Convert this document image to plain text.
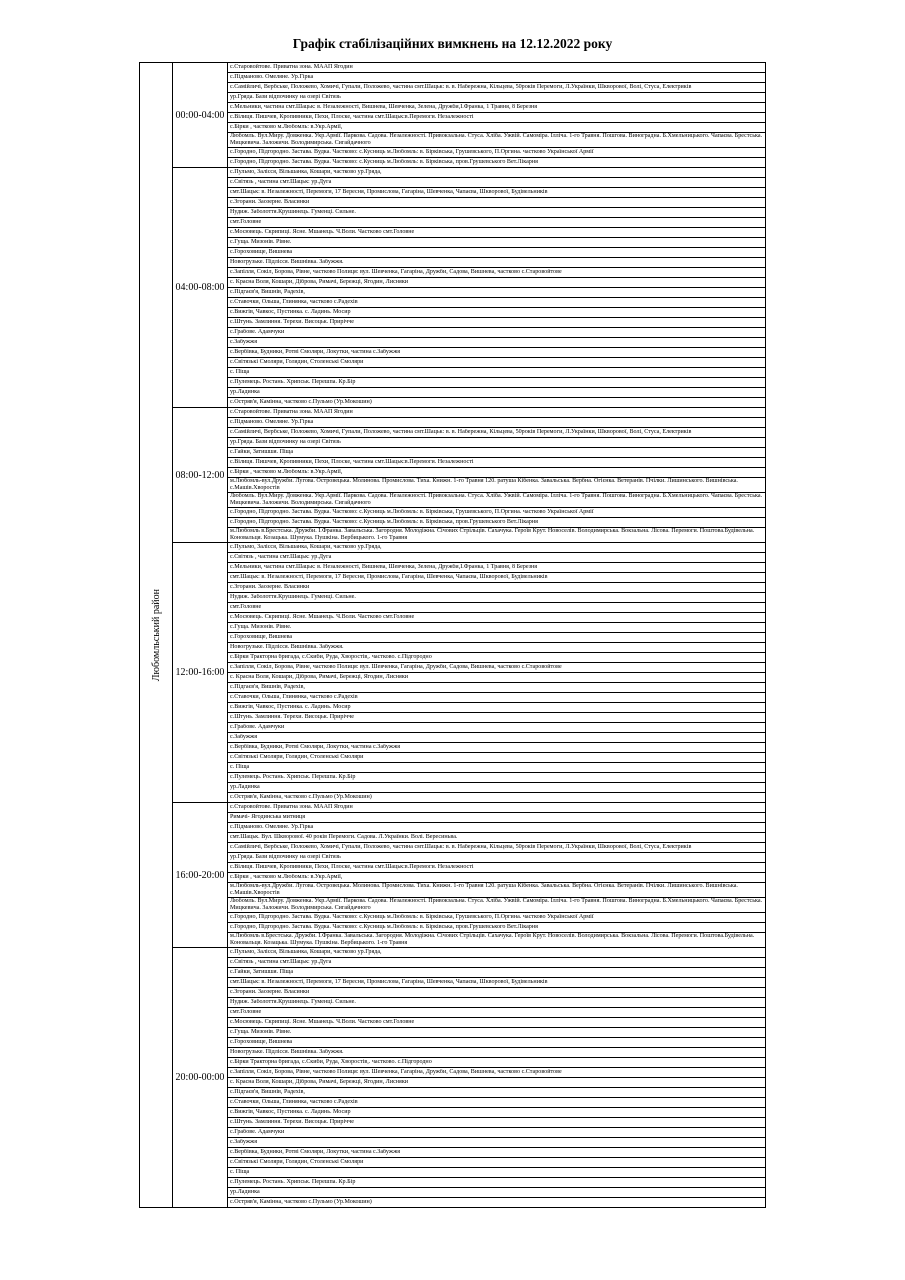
Графік стабілізаційних вимкнень на 12.12.2022 року
Любомльський район	00:00-04:00	с.Старовойтове. Приватна зона. МААП Ягодин

		с.Підманово. Омеляне. Ур.Гірка

		с.Самійличі, Вербське, Положево, Хомичі, Гупали, Положево, частина смт.Шацьк: в. в. Набережна, Кільцева, 50років Перемоги, Л.Українки, Шкворової, Волі, Стуса, Електриків

		ур.Гряда. Бази відпочинку на озері Світязь

		с.Мельники, частина смт.Шацьк: в. Незалежності, Вишнева, Шевченка, Зелена, Дружби,І.Франка, 1 Травня, 8 Березня

		с.Вілиця. Пишчев, Кропивники, Пехи, Плоске, частина смт.Шацьк:в.Перемоги. Незалежності

		с.Бірки , частково м.Любомль: в.Укр.Армії,

		Любомль. Вул.Миру. Довженка. Укр.Армії. Паркова. Садова. Незалежності. Привокзальна. Стуса. Хліба. Ужвій. Самоміра. Ілліча. 1-го Травня. Пошгова. Виноградна. Б.Хмельницького. Чапаєва. Брестська. Мицкевича. Заложичи. Володимирська. Сигайдачного

		с.Городно, Підгородно. Застава. Вудка. Частково: с.Кусниць м.Любомль: в. Бірківська, Грушевського, П.Оргина. частково Української Армії

		с.Городно, Підгородно. Застава. Вудка. Частково: с.Кусниць м.Любомль: в. Бірківська, пров.Грушевського Вет.Лікарня

	04:00-08:00	с.Пульмо, Залісся, Вільшанка, Кошари, частково ур.Гряда,

		с.Світязь , частина смт.Шацьк: ур.Дуга

		смт.Шацьк: в. Незалежності, Перемоги, 17 Вересня, Промислова, Гагаріна, Шевченка, Чапаєва, Шкворової, Будівельників

		с.Згорани. Заозерне. Власинки

		Нудиж. Заболоття.Крушинець. Гуменці. Сильне.

		смт.Головне

		с.Мосювець. Скрипиці. Ясне. Мшанець. Ч.Воли. Частково смт.Головне

		с.Гуща. Мизонів. Рівне.

		с.Гороховище, Вишнева

		Новогрузьке. Підлісся. Вишнівка. Забужжя.

		с.Запілля, Сокіл, Борова, Рівне, частково Полиця: вул. Шевченка, Гагаріна, Дружби, Садова, Вишнева, частково с.Старовойтове

		с. Красна Воля, Кошари, Діброва, Римачі, Бережці, Ягодин, Лисняки

		с.Підгаєв'я, Вишнів, Радехів,

		с.Ставочки, Ольша, Глинянка, частково с.Радехів

		с.Вижгів, Чавкос, Пустинка. с. Ладинь. Мосир

		с.Штунь. Замлиння. Терехи. Висоцьк. Прирічче

		с.Грабове. Адамчуки

		с.Забужжя

		с.Вербівка, Будники, Ротві Смоляри, Локутки, частина с.Забужжя

		с.Світязькі Смоляри, Голядин, Столенські Смоляри

		с. Піща

		с.Пулемець. Ростань. Хрипськ. Перешпа. Кр.Бір

		ур.Ладинка

		с.Остряв'я, Камінна, частково с.Пульмо (Ур.Мокошин)

	08:00-12:00	с.Старовойтове. Приватна зона. МААП Ягодин

		с.Підманово. Омеляне. Ур.Гірка

		с.Самійличі, Вербське, Положево, Хомичі, Гупали, Положево, частина смт.Шацьк: в. в. Набережна, Кільцева, 50років Перемоги, Л.Українки, Шкворової, Волі, Стуса, Електриків

		ур.Гряда. Бази відпочинку на озері Світязь

		с.Гайки, Затишшя. Піща

		с.Вілиця. Пишчев, Кропивники, Пехи, Плоске, частина смт.Шацьк:в.Перемоги. Незалежності

		с.Бірки , частково м.Любомль: в.Укр.Армії,

		м.Любомль-вул.Дружби. Лугова. Островецька. Молинова. Промислова. Тиха. Книжн. 1-го Травня 120. ратуша Кібенка. Завальська. Вербна. Огієнка. Ветеранів. Пчілки. Лишинського. Вишнівська. с.Машів.Хворостів

		Любомль. Вул.Миру. Довженка. Укр.Армії. Паркова. Садова. Незалежності. Привокзальна. Стуса. Хліба. Ужвій. Самоміра. Ілліча. 1-го Травня. Пошгова. Виноградна. Б.Хмельницького. Чапаєва. Брестська. Мицкевича. Заложичи. Володимирська. Сигайдачного

		с.Городно, Підгородно. Застава. Вудка. Частково: с.Кусниць м.Любомль: в. Бірківська, Грушевського, П.Оргина. частково Української Армії

		с.Городно, Підгородно. Застава. Вудка. Частково: с.Кусниць м.Любомль: в. Бірківська, пров.Грушевського Вет.Лікарня

		м.Любомль в.Брестська. Дружби. І.Франка. Завальська. Загородня. Молодіжна. Січових Стрільців. Сахачука. Героїв Крут. Новоселів. Володимирська. Вокзальна. Лісова. Перемоги. Поштова.Будівельна. Коновальця. Козацька. Шумука. Пушкіна. Вербицького. 1-го Травня

	12:00-16:00	с.Пульмо, Залісся, Вільшанка, Кошари, частково ур.Гряда,

		с.Світязь , частина смт.Шацьк: ур.Дуга

		с.Мельники, частина смт.Шацьк: в. Незалежності, Вишнева, Шевченка, Зелена, Дружби,І.Франка, 1 Травня, 8 Березня

		смт.Шацьк: в. Незалежності, Перемоги, 17 Вересня, Промислова, Гагаріна, Шевченка, Чапаєва, Шкворової, Будівельників

		с.Згорани. Заозерне. Власинки

		Нудиж. Заболоття.Крушинець. Гуменці. Сильне.

		смт.Головне

		с.Мосювець. Скрипиці. Ясне. Мшанець. Ч.Воли. Частково смт.Головне

		с.Гуща. Мизонів. Рівне.

		с.Гороховище, Вишнева

		Новогрузьке. Підлісся. Вишнівка. Забужжя.

		с.Бірки Тракторна бригада, с.Скиби, Руда, Хворостів,. частково. с.Підгородно

		с.Запілля, Сокіл, Борова, Рівне, частково Полиця: вул. Шевченка, Гагаріна, Дружби, Садова, Вишнева, частково с.Старовойтове

		с. Красна Воля, Кошари, Діброва, Римачі, Бережці, Ягодин, Лисняки

		с.Підгаєв'я, Вишнів, Радехів,

		с.Ставочки, Ольша, Глинянка, частково с.Радехів

		с.Вижгів, Чавкос, Пустинка. с. Ладинь. Мосир

		с.Штунь. Замлиння. Терехи. Висоцьк. Прирічче

		с.Грабове. Адамчуки

		с.Забужжя

		с.Вербівка, Будники, Ротві Смоляри, Локутки, частина с.Забужжя

		с.Світязькі Смоляри, Голядин, Столенські Смоляри

		с. Піща

		с.Пулемець. Ростань. Хрипськ. Перешпа. Кр.Бір

		ур.Ладинка

		с.Остряв'я, Камінна, частково с.Пульмо (Ур.Мокошин)

	16:00-20:00	с.Старовойтове. Приватна зона. МААП Ягодин

		Римачі- Ягодинська митниця

		с.Підманово. Омеляне. Ур.Гірка

		смт.Шацьк. Вул. Шкворової. 40 років Перемоги. Садова. Л.Українки. Волі. Вересиньва.

		с.Самійличі, Вербське, Положево, Хомичі, Гупали, Положево, частина смт.Шацьк: в. в. Набережна, Кільцева, 50років Перемоги, Л.Українки, Шкворової, Волі, Стуса, Електриків

		ур.Гряда. Бази відпочинку на озері Світязь

		с.Вілиця. Пишчев, Кропивники, Пехи, Плоске, частина смт.Шацьк:в.Перемоги. Незалежності

		с.Бірки , частково м.Любомль: в.Укр.Армії,

		м.Любомль-вул.Дружби. Лугова. Островецька. Молинова. Промислова. Тиха. Книжн. 1-го Травня 120. ратуша Кібенка. Завальська. Вербна. Огієнка. Ветеранів. Пчілки. Лишинського. Вишнівська. с.Машів.Хворостів

		Любомль. Вул.Миру. Довженка. Укр.Армії. Паркова. Садова. Незалежності. Привокзальна. Стуса. Хліба. Ужвій. Самоміра. Ілліча. 1-го Травня. Пошгова. Виноградна. Б.Хмельницького. Чапаєва. Брестська. Мицкевича. Заложичи. Володимирська. Сигайдачного

		с.Городно, Підгородно. Застава. Вудка. Частково: с.Кусниць м.Любомль: в. Бірківська, Грушевського, П.Оргина. частково Української Армії

		с.Городно, Підгородно. Застава. Вудка. Частково: с.Кусниць м.Любомль: в. Бірківська, пров.Грушевського Вет.Лікарня

		м.Любомль в.Брестська. Дружби. І.Франка. Завальська. Загородня. Молодіжна. Січових Стрільців. Сахачука. Героїв Крут. Новоселів. Володимирська. Вокзальна. Лісова. Перемоги. Поштова.Будівельна. Коновальця. Козацька. Шумука. Пушкіна. Вербицького. 1-го Травня

	20:00-00:00	с.Пульмо, Залісся, Вільшанка, Кошари, частково ур.Гряда,

		с.Світязь , частина смт.Шацьк: ур.Дуга

		с.Гайки, Затишшя. Піща

		смт.Шацьк: в. Незалежності, Перемоги, 17 Вересня, Промислова, Гагаріна, Шевченка, Чапаєва, Шкворової, Будівельників

		с.Згорани. Заозерне. Власинки

		Нудиж. Заболоття.Крушинець. Гуменці. Сильне.

		смт.Головне

		с.Мосювець. Скрипиці. Ясне. Мшанець. Ч.Воли. Частково смт.Головне

		с.Гуща. Мизонів. Рівне.

		с.Гороховище, Вишнева

		Новогрузьке. Підлісся. Вишнівка. Забужжя.

		с.Бірки Тракторна бригада, с.Скиби, Руда, Хворостів,. частково. с.Підгородно

		с.Запілля, Сокіл, Борова, Рівне, частково Полиця: вул. Шевченка, Гагаріна, Дружби, Садова, Вишнева, частково с.Старовойтове

		с. Красна Воля, Кошари, Діброва, Римачі, Бережці, Ягодин, Лисняки

		с.Підгаєв'я, Вишнів, Радехів,

		с.Ставочки, Ольша, Глинянка, частково с.Радехів

		с.Вижгів, Чавкос, Пустинка. с. Ладинь. Мосир

		с.Штунь. Замлиння. Терехи. Висоцьк. Прирічче

		с.Грабове. Адамчуки

		с.Забужжя

		с.Вербівка, Будники, Ротві Смоляри, Локутки, частина с.Забужжя

		с.Світязькі Смоляри, Голядин, Столенські Смоляри

		с. Піща

		с.Пулемець. Ростань. Хрипськ. Перешпа. Кр.Бір

		ур.Ладинка

		с.Остряв'я, Камінна, частково с.Пульмо (Ур.Мокошин)
